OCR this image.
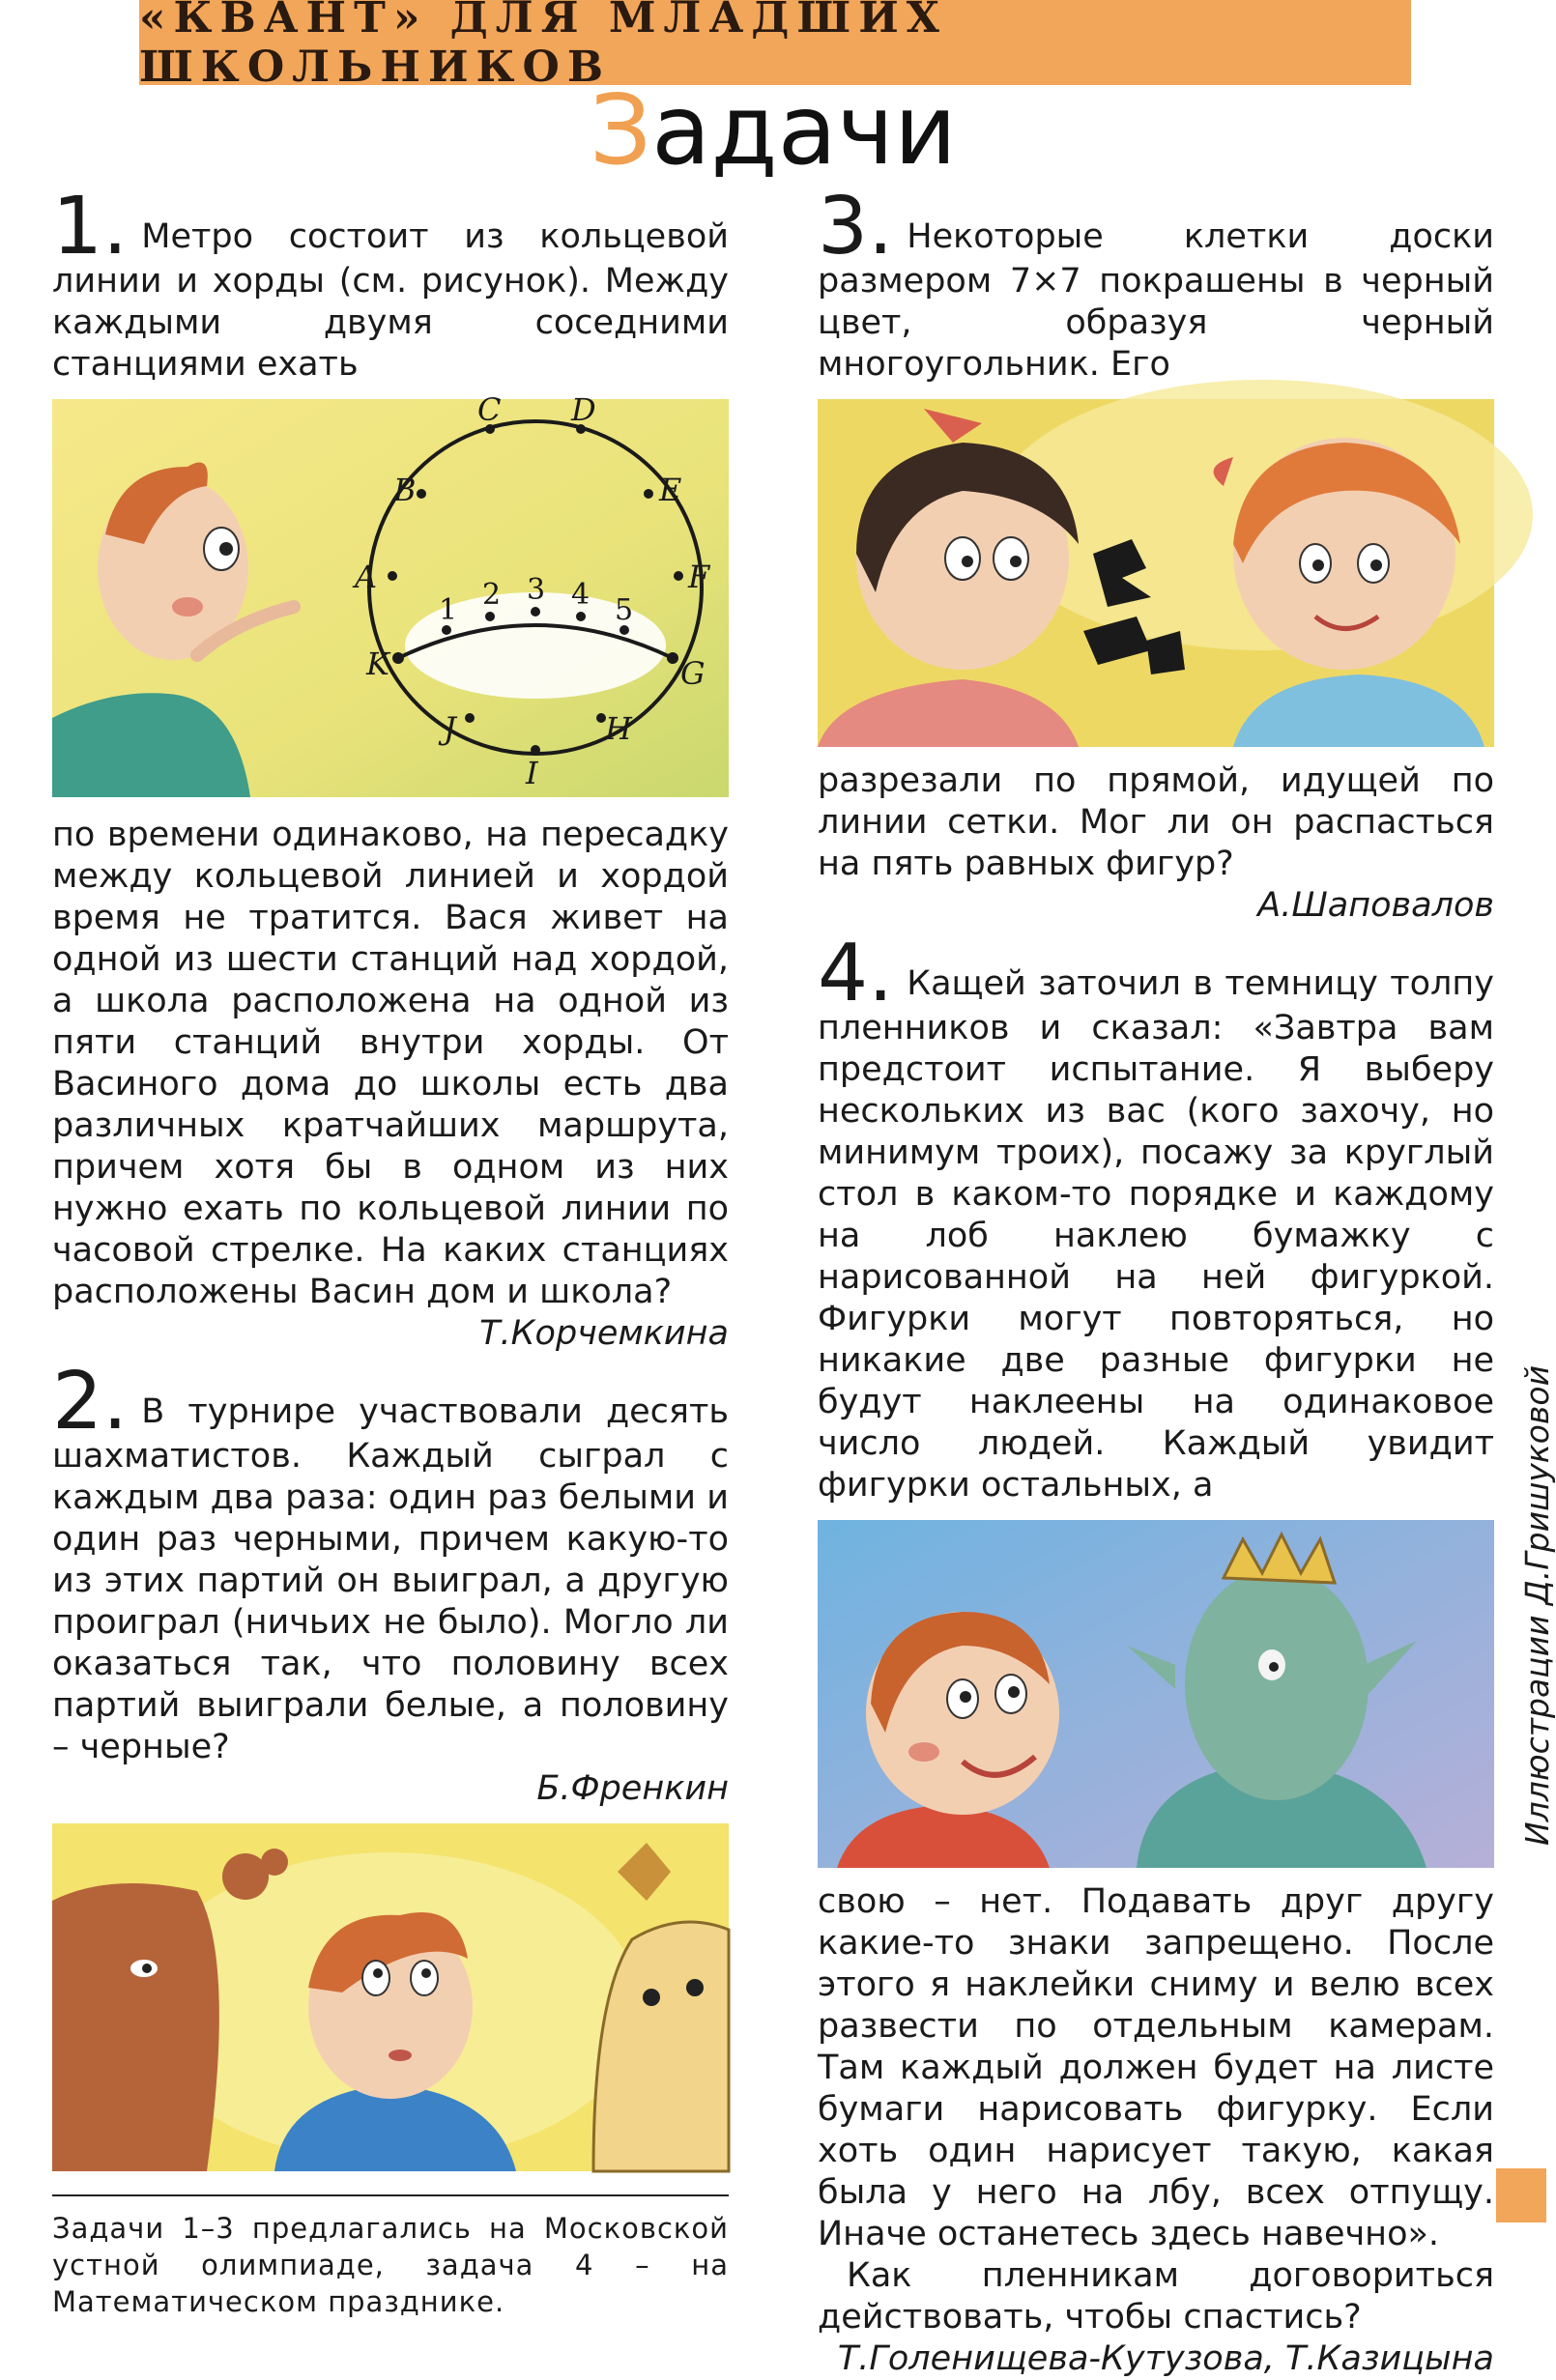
«КВАНТ» ДЛЯ МЛАДШИХ ШКОЛЬНИКОВ
Задачи

1. Метро состоит из кольцевой линии и хорды (см. рисунок). Между каждыми двумя соседними станциями ехать

A
B
C D
E
F
G
H
I
J
K
1 2 3 4 5

по времени одинаково, на пересадку между кольцевой линией и хордой время не тратится. Вася живет на одной из шести станций над хордой, а школа расположена на одной из пяти станций внутри хорды. От Васиного дома до школы есть два различных кратчайших маршрута, причем хотя бы в одном из них нужно ехать по кольцевой линии по часовой стрелке. На каких станциях расположены Васин дом и школа?

Т.Корчемкина

2. В турнире участвовали десять шахматистов. Каждый сыграл с каждым два раза: один раз белыми и один раз черными, причем какую-то из этих партий он выиграл, а другую проиграл (ничьих не было). Могло ли оказаться так, что половину всех партий выиграли белые, а половину – черные?

Б.Френкин

Задачи 1–3 предлагались на Московской устной олимпиаде, задача 4 – на Математическом празднике.

3. Некоторые клетки доски размером 7×7 покрашены в черный цвет, образуя черный многоугольник. Его

разрезали по прямой, идущей по линии сетки. Мог ли он распасться на пять равных фигур?

А.Шаповалов

4. Кащей заточил в темницу толпу пленников и сказал: «Завтра вам предстоит испытание. Я выберу нескольких из вас (кого захочу, но минимум троих), посажу за круглый стол в каком-то порядке и каждому на лоб наклею бумажку с нарисованной на ней фигуркой. Фигурки могут повторяться, но никакие две разные фигурки не будут наклеены на одинаковое число людей. Каждый увидит фигурки остальных, а

свою – нет. Подавать друг другу какие-то знаки запрещено. После этого я наклейки сниму и велю всех развести по отдельным камерам. Там каждый должен будет на листе бумаги нарисовать фигурку. Если хоть один нарисует такую, какая была у него на лбу, всех отпущу. Иначе останетесь здесь навечно».

Как пленникам договориться действовать, чтобы спастись?

Т.Голенищева-Кутузова, Т.Казицына

Иллюстрации Д.Гришуковой
